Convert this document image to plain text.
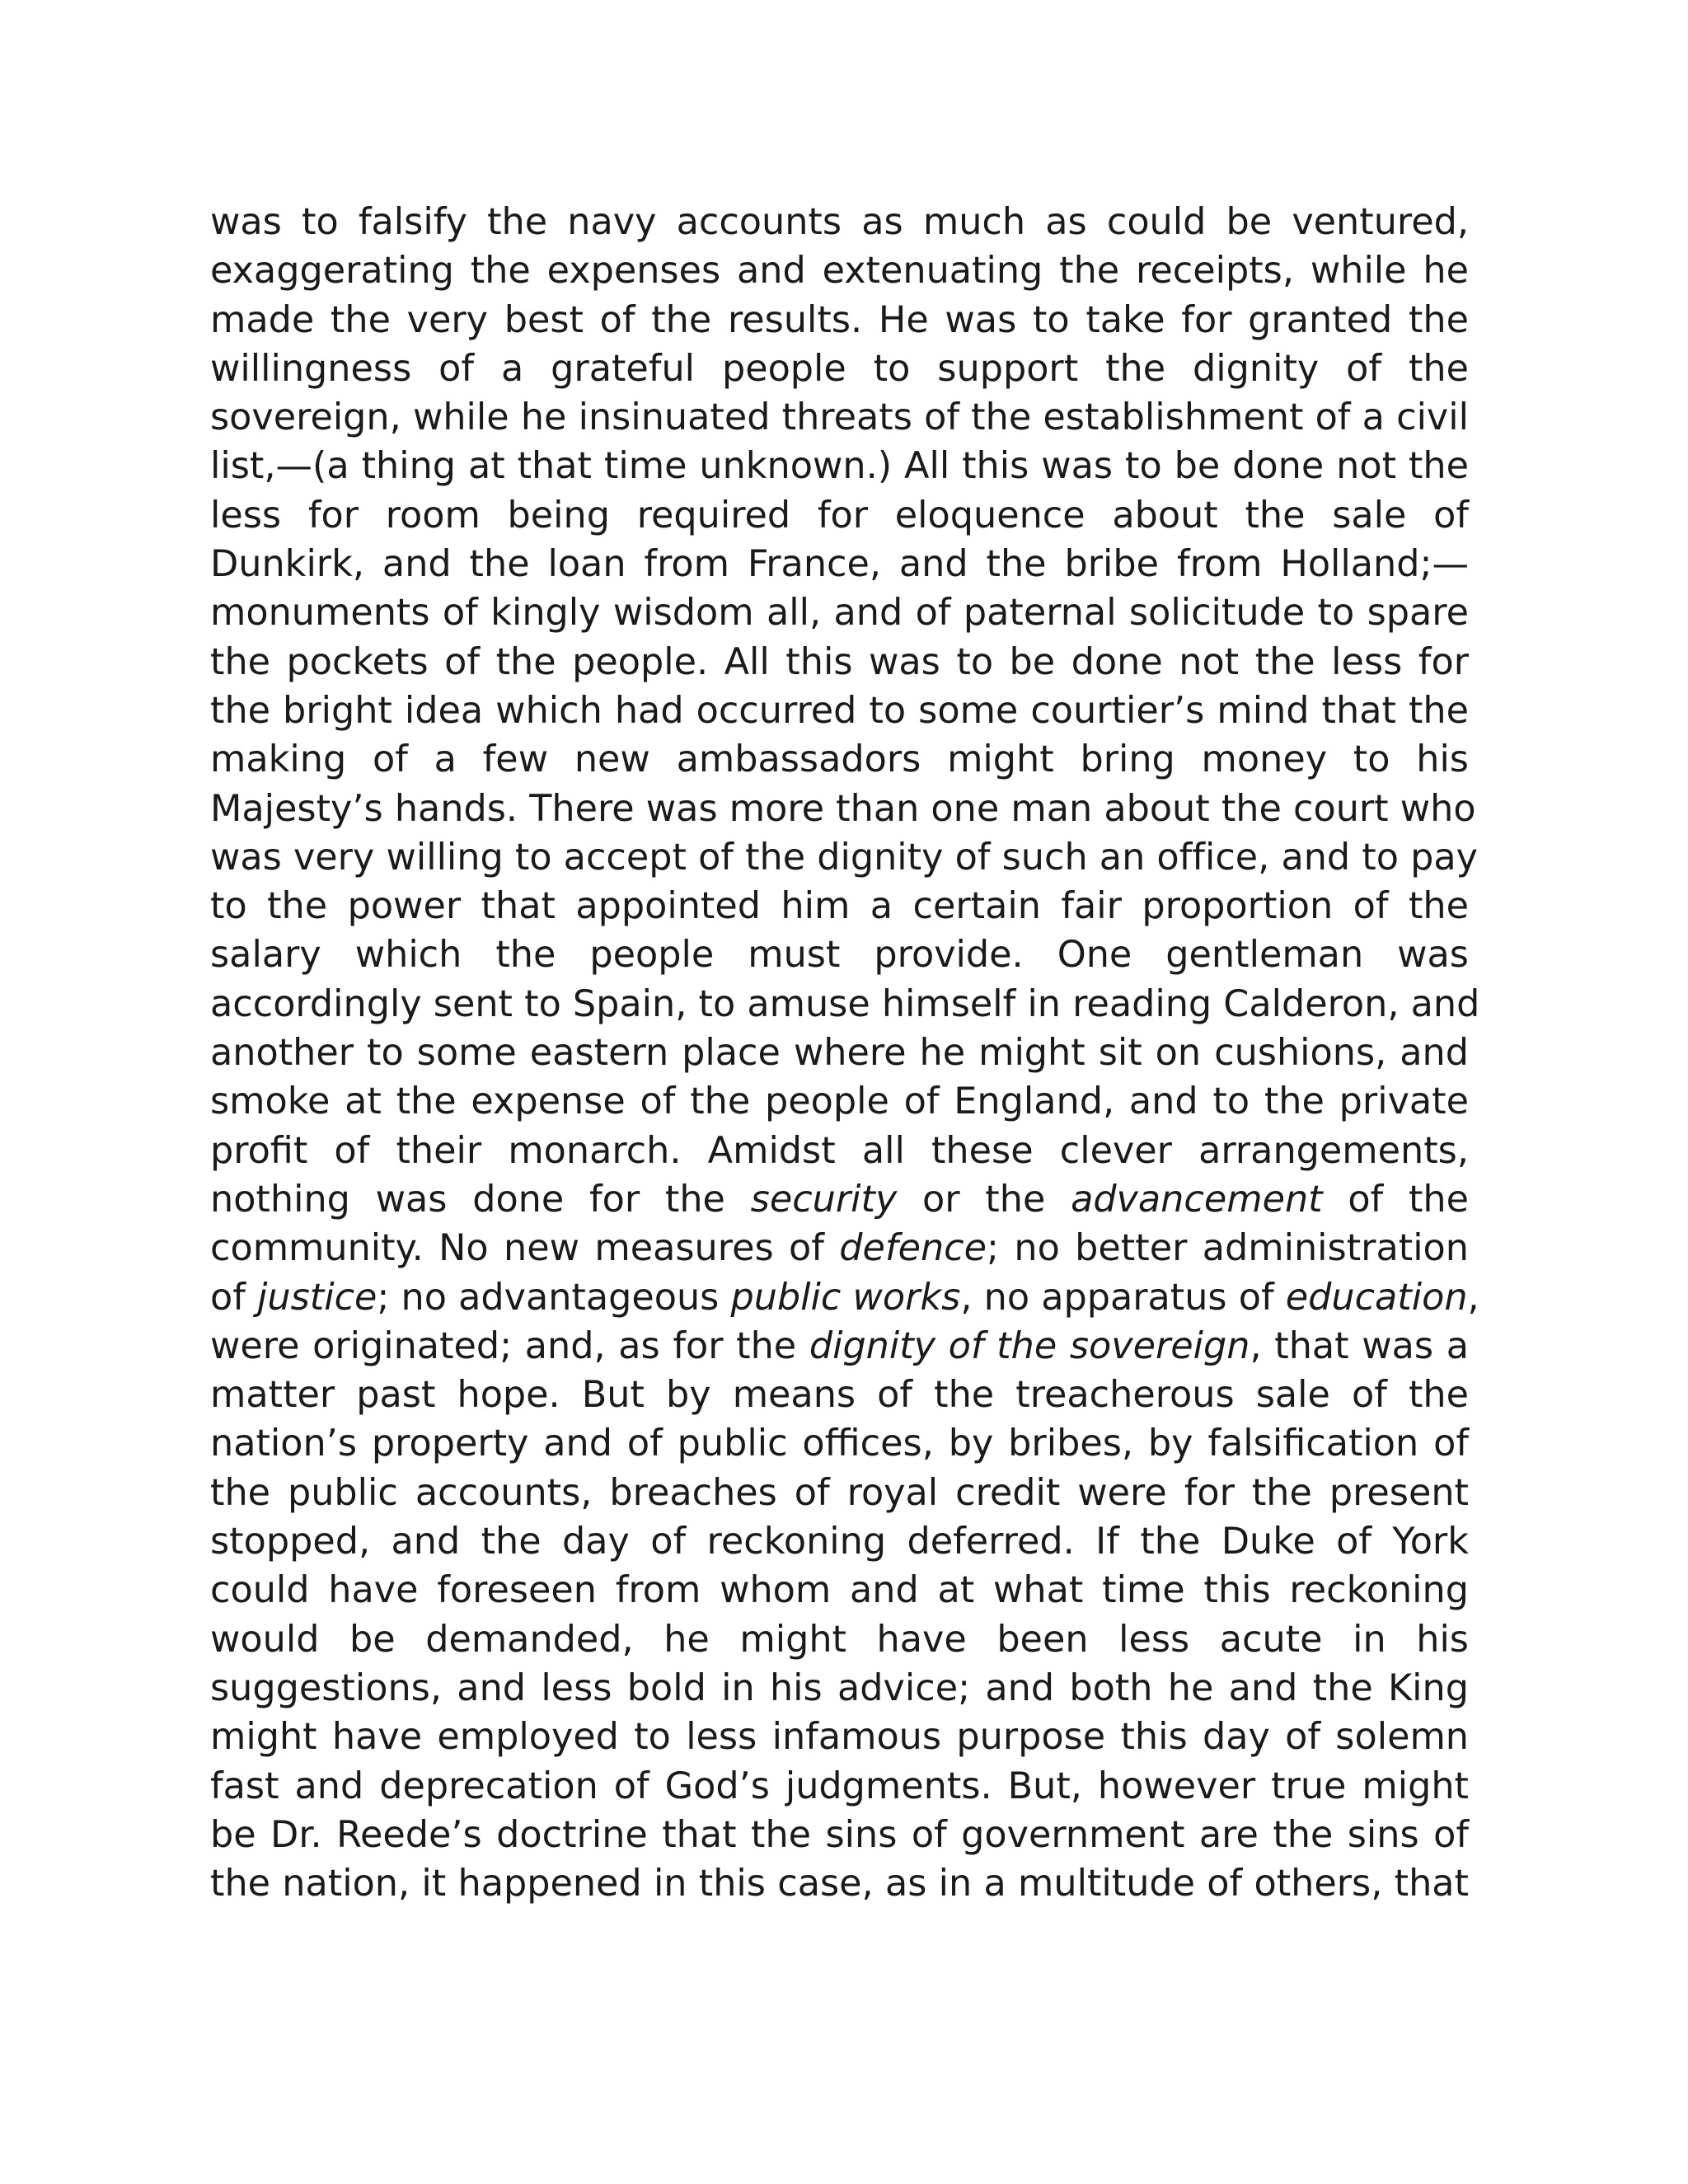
was to falsify the navy accounts as much as could be ventured,
exaggerating the expenses and extenuating the receipts, while he
made the very best of the results. He was to take for granted the
willingness of a grateful people to support the dignity of the
sovereign, while he insinuated threats of the establishment of a civil
list,—(a thing at that time unknown.) All this was to be done not the
less for room being required for eloquence about the sale of
Dunkirk, and the loan from France, and the bribe from Holland;—
monuments of kingly wisdom all, and of paternal solicitude to spare
the pockets of the people. All this was to be done not the less for
the bright idea which had occurred to some courtier’s mind that the
making of a few new ambassadors might bring money to his
Majesty’s hands. There was more than one man about the court who
was very willing to accept of the dignity of such an office, and to pay
to the power that appointed him a certain fair proportion of the
salary which the people must provide. One gentleman was
accordingly sent to Spain, to amuse himself in reading Calderon, and
another to some eastern place where he might sit on cushions, and
smoke at the expense of the people of England, and to the private
profit of their monarch. Amidst all these clever arrangements,
nothing was done for the security or the advancement of the
community. No new measures of defence; no better administration
of justice; no advantageous public works, no apparatus of education,
were originated; and, as for the dignity of the sovereign, that was a
matter past hope. But by means of the treacherous sale of the
nation’s property and of public offices, by bribes, by falsification of
the public accounts, breaches of royal credit were for the present
stopped, and the day of reckoning deferred. If the Duke of York
could have foreseen from whom and at what time this reckoning
would be demanded, he might have been less acute in his
suggestions, and less bold in his advice; and both he and the King
might have employed to less infamous purpose this day of solemn
fast and deprecation of God’s judgments. But, however true might
be Dr. Reede’s doctrine that the sins of government are the sins of
the nation, it happened in this case, as in a multitude of others, that
